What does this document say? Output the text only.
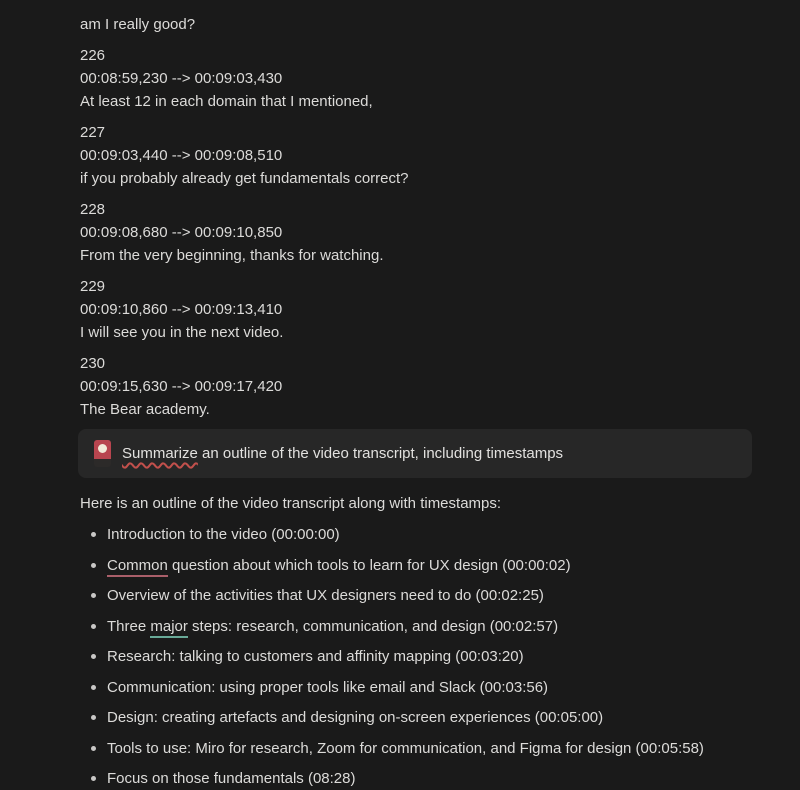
am I really good?

226

00:08:59,230 --> 00:09:03,430

At least 12 in each domain that I mentioned,

227

00:09:03,440 --> 00:09:08,510

if you probably already get fundamentals correct?

228

00:09:08,680 --> 00:09:10,850

From the very beginning, thanks for watching.

229

00:09:10,860 --> 00:09:13,410

I will see you in the next video.

230

00:09:15,630 --> 00:09:17,420

The Bear academy.

Summarize an outline of the video transcript, including timestamps

Here is an outline of the video transcript along with timestamps:

Introduction to the video (00:00:00)
Common question about which tools to learn for UX design (00:00:02)
Overview of the activities that UX designers need to do (00:02:25)
Three major steps: research, communication, and design (00:02:57)
Research: talking to customers and affinity mapping (00:03:20)
Communication: using proper tools like email and Slack (00:03:56)
Design: creating artefacts and designing on-screen experiences (00:05:00)
Tools to use: Miro for research, Zoom for communication, and Figma for design (00:05:58)
Focus on those fundamentals (08:28)
